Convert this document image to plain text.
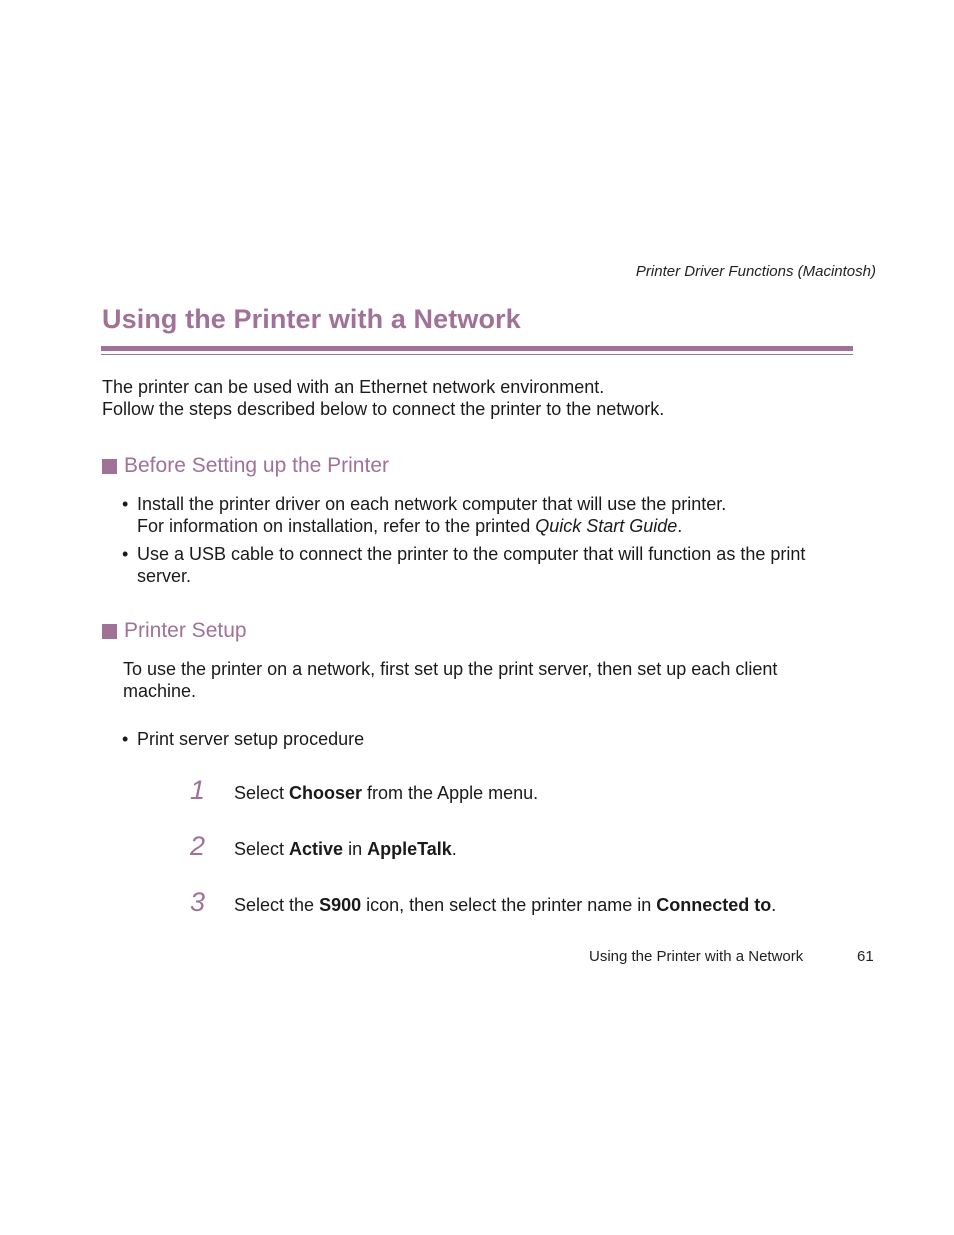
Printer Driver Functions (Macintosh)
Using the Printer with a Network

The printer can be used with an Ethernet network environment.

Follow the steps described below to connect the printer to the network.

Before Setting up the Printer
• Install the printer driver on each network computer that will use the printer.
For information on installation, refer to the printed Quick Start Guide.
• Use a USB cable to connect the printer to the computer that will function as the print server.
Printer Setup

To use the printer on a network, first set up the print server, then set up each client machine.

• Print server setup procedure
1	Select Chooser from the Apple menu.
2	Select Active in AppleTalk.
3	Select the S900 icon, then select the printer name in Connected to.
Using the Printer with a Network	61
